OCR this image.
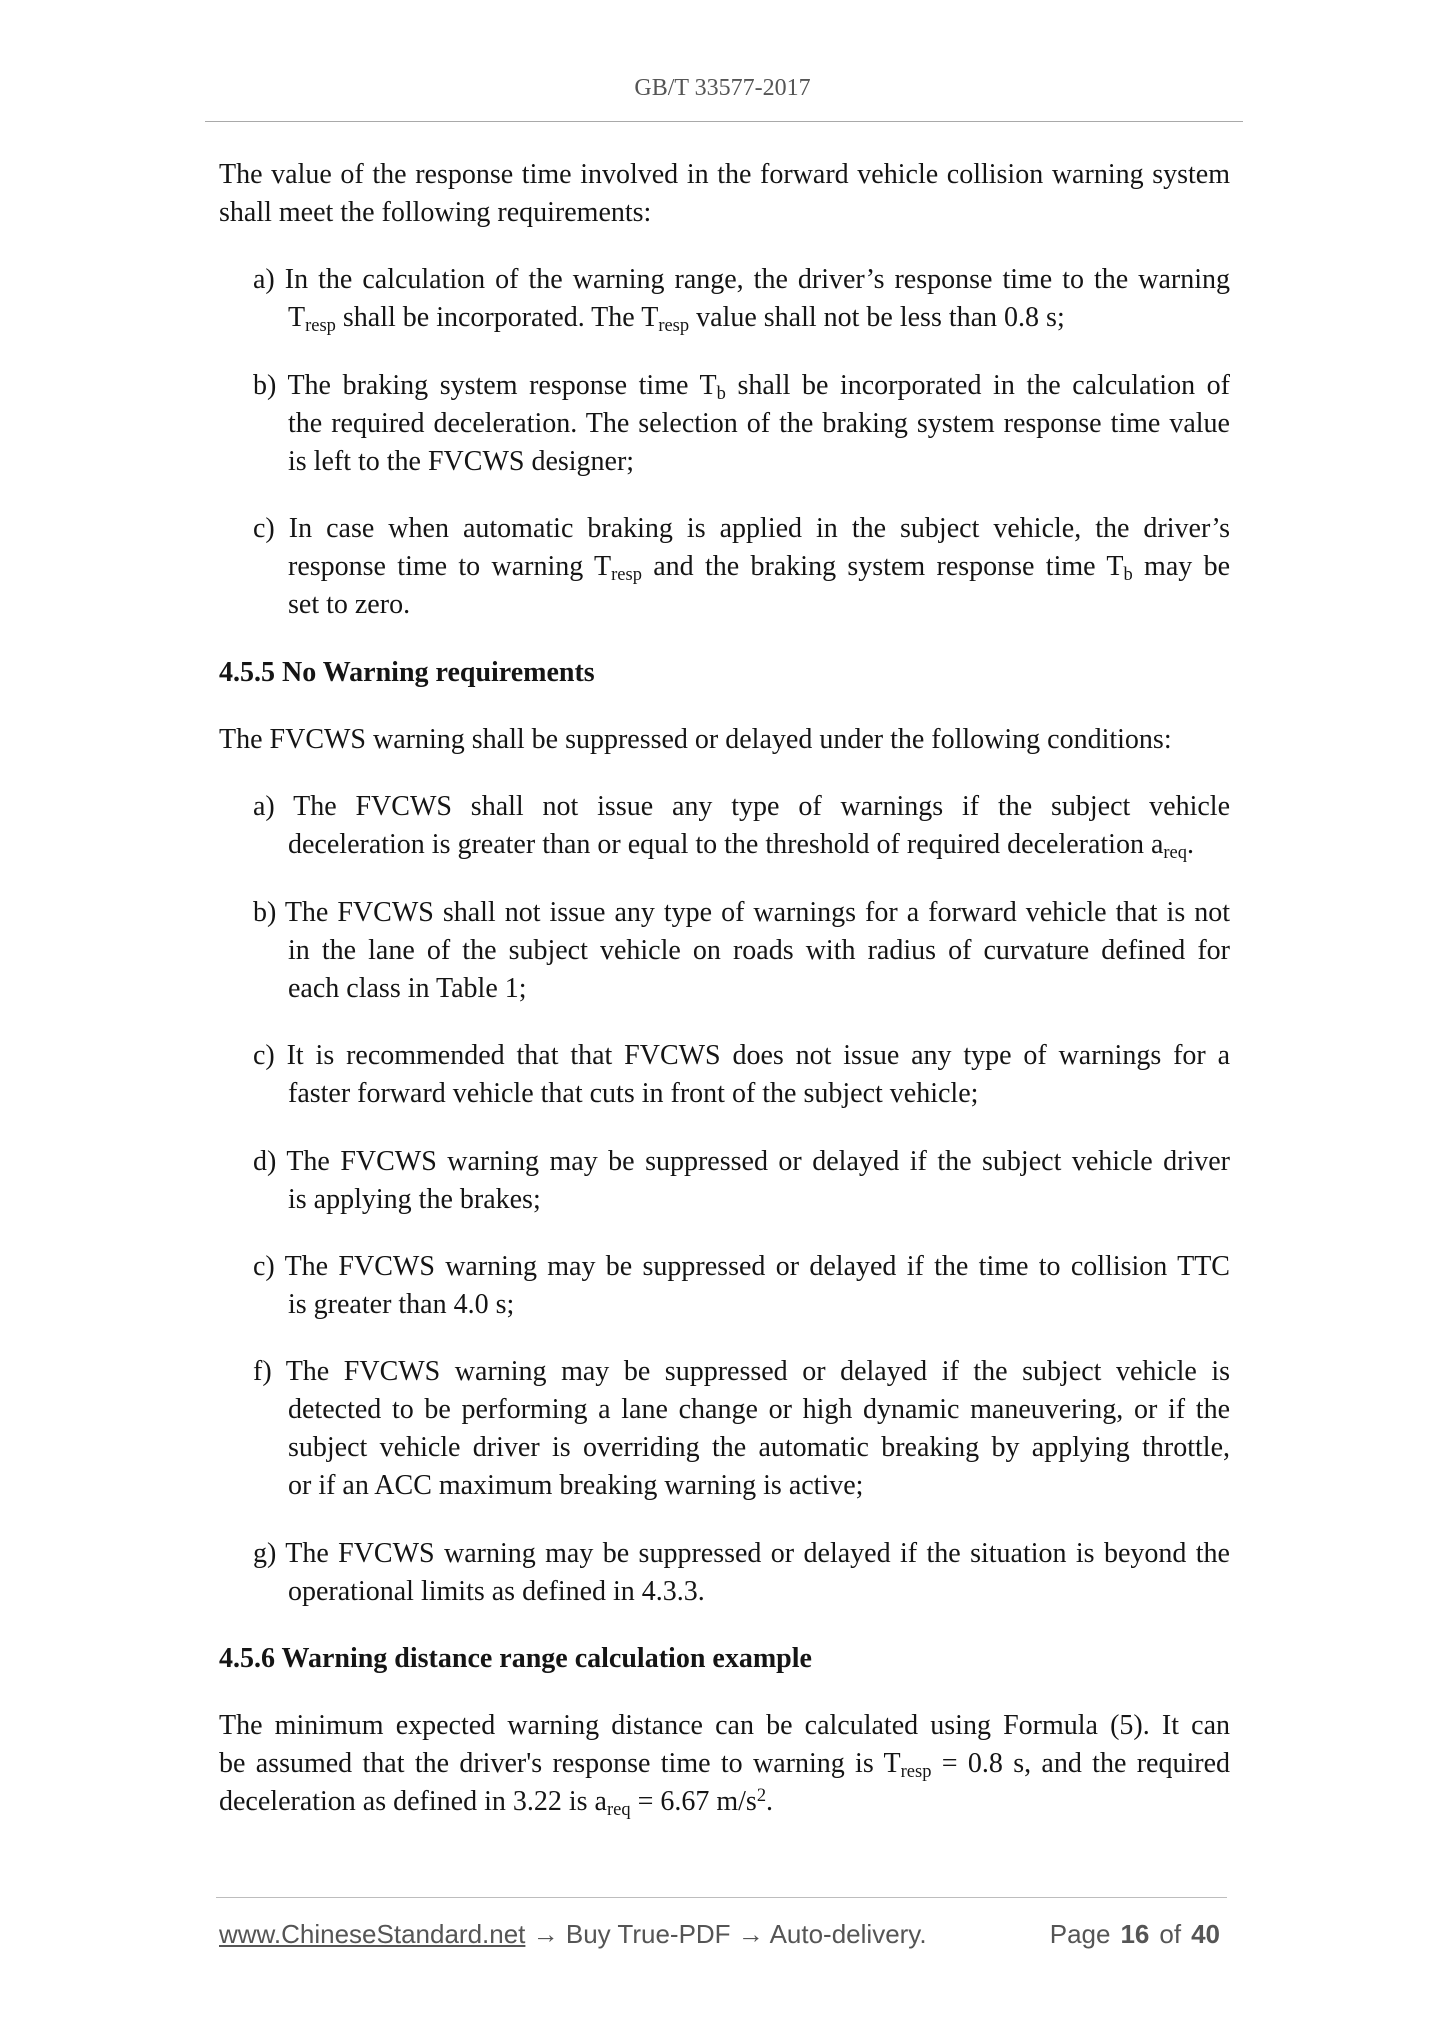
GB/T 33577-2017
The value of the response time involved in the forward vehicle collision warning system
shall meet the following requirements:
a) In the calculation of the warning range, the driver’s response time to the warning
Tresp shall be incorporated. The Tresp value shall not be less than 0.8 s;
b) The braking system response time Tb shall be incorporated in the calculation of
the required deceleration. The selection of the braking system response time value
is left to the FVCWS designer;
c) In case when automatic braking is applied in the subject vehicle, the driver’s
response time to warning Tresp and the braking system response time Tb may be
set to zero.
4.5.5 No Warning requirements
The FVCWS warning shall be suppressed or delayed under the following conditions:
a) The FVCWS shall not issue any type of warnings if the subject vehicle
deceleration is greater than or equal to the threshold of required deceleration areq.
b) The FVCWS shall not issue any type of warnings for a forward vehicle that is not
in the lane of the subject vehicle on roads with radius of curvature defined for
each class in Table 1;
c) It is recommended that that FVCWS does not issue any type of warnings for a
faster forward vehicle that cuts in front of the subject vehicle;
d) The FVCWS warning may be suppressed or delayed if the subject vehicle driver
is applying the brakes;
c) The FVCWS warning may be suppressed or delayed if the time to collision TTC
is greater than 4.0 s;
f) The FVCWS warning may be suppressed or delayed if the subject vehicle is
detected to be performing a lane change or high dynamic maneuvering, or if the
subject vehicle driver is overriding the automatic breaking by applying throttle,
or if an ACC maximum breaking warning is active;
g) The FVCWS warning may be suppressed or delayed if the situation is beyond the
operational limits as defined in 4.3.3.
4.5.6 Warning distance range calculation example
The minimum expected warning distance can be calculated using Formula (5). It can
be assumed that the driver's response time to warning is Tresp = 0.8 s, and the required
deceleration as defined in 3.22 is areq = 6.67 $m/s^2$.
www.ChineseStandard.net → Buy True-PDF → Auto-delivery.	Page 16 of 40
